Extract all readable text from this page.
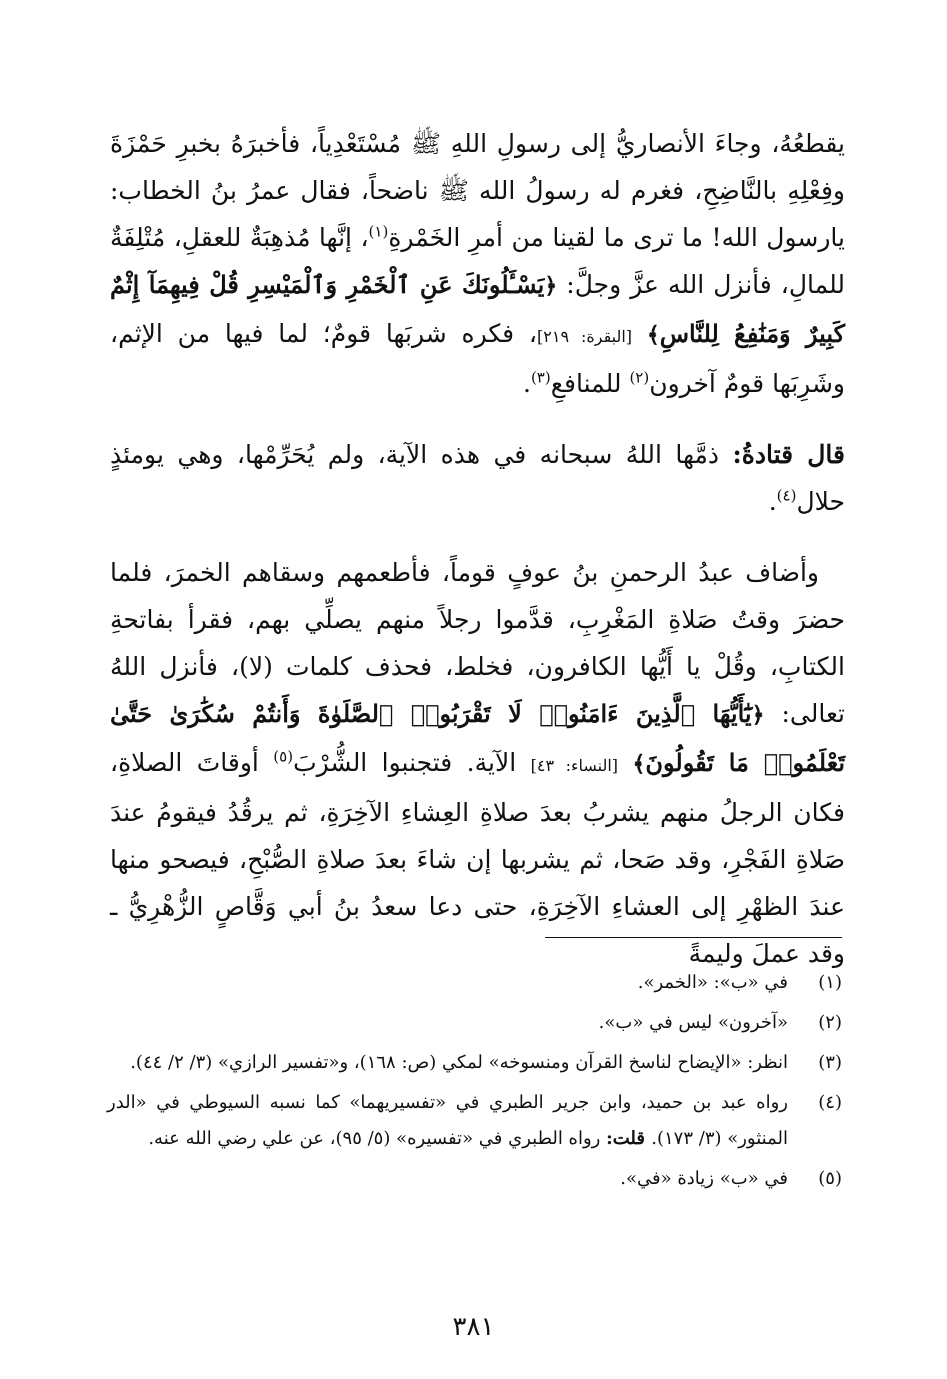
يقطعُهُ، وجاءَ الأنصاريُّ إلى رسولِ اللهِ ﷺ مُسْتَعْدِياً، فأخبرَهُ بخبرِ حَمْزَةَ وفِعْلِهِ بالنَّاضِحِ، فغرم له رسولُ الله ﷺ ناضحاً، فقال عمرُ بنُ الخطاب: يارسول الله! ما ترى ما لقينا من أمرِ الخَمْرةِ$^{(١)}$، إنَّها مُذهِبَةٌ للعقلِ، مُتْلِفَةٌ للمالِ، فأنزل الله عزَّ وجلَّ: ﴿يَسْـَٔلُونَكَ عَنِ ٱلْخَمْرِ وَٱلْمَيْسِرِ قُلْ فِيهِمَآ إِثْمٌ كَبِيرٌ وَمَنَٰفِعُ لِلنَّاسِ﴾ [البقرة: ٢١٩]، فكره شربَها قومٌ؛ لما فيها من الإثم، وشَرِبَها قومٌ آخرون$^{(٢)}$ للمنافعِ$^{(٣)}$.

قال قتادةُ: ذمَّها اللهُ سبحانه في هذه الآية، ولم يُحَرِّمْها، وهي يومئذٍ حلال$^{(٤)}$.

وأضاف عبدُ الرحمنِ بنُ عوفٍ قوماً، فأطعمهم وسقاهم الخمرَ، فلما حضرَ وقتُ صَلاةِ المَغْرِبِ، قدَّموا رجلاً منهم يصلِّي بهم، فقرأ بفاتحةِ الكتابِ، وقُلْ يا أَيُّها الكافرون، فخلط، فحذف كلمات (لا)، فأنزل اللهُ تعالى: ﴿يَٰٓأَيُّهَا ٱلَّذِينَ ءَامَنُوا۟ لَا تَقْرَبُوا۟ ٱلصَّلَوٰةَ وَأَنتُمْ سُكَٰرَىٰ حَتَّىٰ تَعْلَمُوا۟ مَا تَقُولُونَ﴾ [النساء: ٤٣] الآية. فتجنبوا الشُّرْبَ$^{(٥)}$ أوقاتَ الصلاةِ، فكان الرجلُ منهم يشربُ بعدَ صلاةِ العِشاءِ الآخِرَةِ، ثم يرقُدُ فيقومُ عندَ صَلاةِ الفَجْرِ، وقد صَحا، ثم يشربها إن شاءَ بعدَ صلاةِ الصُّبْحِ، فيصحو منها عندَ الظهْرِ إلى العشاءِ الآخِرَةِ، حتى دعا سعدُ بنُ أبي وَقَّاصٍ الزُّهْرِيُّ ـ وقد عملَ وليمةً

(١)
في «ب»: «الخمر».
(٢)
«آخرون» ليس في «ب».
(٣)
انظر: «الإيضاح لناسخ القرآن ومنسوخه» لمكي (ص: ١٦٨)، و«تفسير الرازي» (٣/ ٢/ ٤٤).
(٤)
رواه عبد بن حميد، وابن جرير الطبري في «تفسيريهما» كما نسبه السيوطي في «الدر المنثور» (٣/ ١٧٣). قلت: رواه الطبري في «تفسيره» (٥/ ٩٥)، عن علي رضي الله عنه.
(٥)
في «ب» زيادة «في».
٣٨١
